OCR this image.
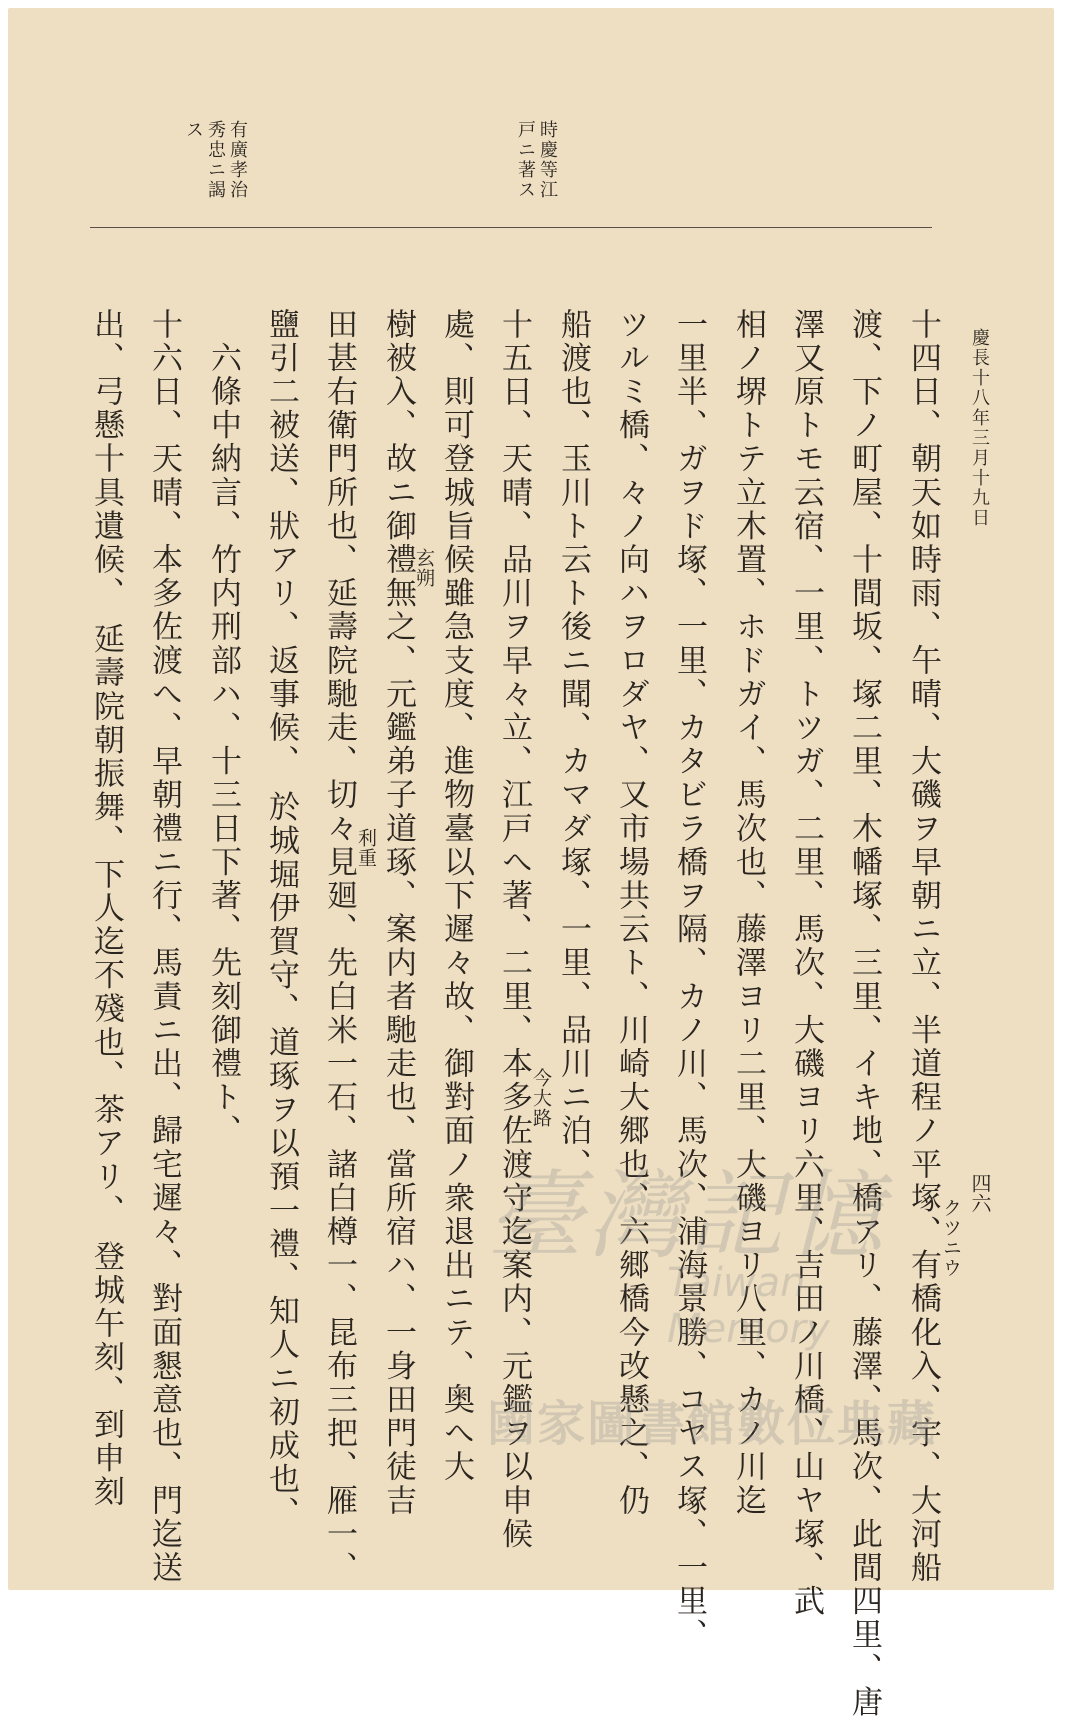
時慶等江
戸ニ著ス
有廣孝治
秀忠ニ謁
ス
慶長十八年三月十九日
四六
十四日、朝天如時雨、午晴、大磯ヲ早朝ニ立、半道程ノ平塚、有橋化入、宇、大河船
渡、下ノ町屋、十間坂、塚二里、木幡塚、三里、イキ地、橋アリ、藤澤、馬次、此間四里、唐
澤又原トモ云宿、一里、トツガ、二里、馬次、大磯ヨリ六里、吉田ノ川橋、山ヤ塚、武
相ノ堺トテ立木置、ホドガイ、馬次也、藤澤ヨリ二里、大磯ヨリ八里、カノ川迄
一里半、ガヲド塚、一里、カタビラ橋ヲ隔、カノ川、馬次、浦海景勝、コヤス塚、一里、
ツルミ橋、々ノ向ハヲロダヤ、又市場共云ト、川崎大郷也、六郷橋今改懸之、仍
船渡也、玉川ト云ト後ニ聞、カマダ塚、一里、品川ニ泊、
十五日、天晴、品川ヲ早々立、江戸へ著、二里、本多佐渡守迄案内、元鑑ヲ以申候
處、則可登城旨候雖急支度、進物臺以下遲々故、御對面ノ衆退出ニテ、奥へ大
樹被入、故ニ御禮無之、元鑑弟子道琢、案内者馳走也、當所宿ハ、一身田門徒吉
田甚右衛門所也、延壽院馳走、切々見廻、先白米一石、諸白樽一、昆布三把、雁一、
鹽引二被送、狀アリ、返事候、 於城堀伊賀守、道琢ヲ以預一禮、知人ニ初成也、
　六條中納言、竹内刑部ハ、十三日下著、先刻御禮ト、
十六日、天晴、本多佐渡へ、早朝禮ニ行、馬責ニ出、歸宅遲々、對面懇意也、門迄送
出、弓懸十具遺候、 延壽院朝振舞、下人迄不殘也、茶アリ、 登城午刻、到申刻	クツニウ
今大路
玄朔
利重
臺灣記憶
Taiwan Memory
國家圖書館數位典藏
